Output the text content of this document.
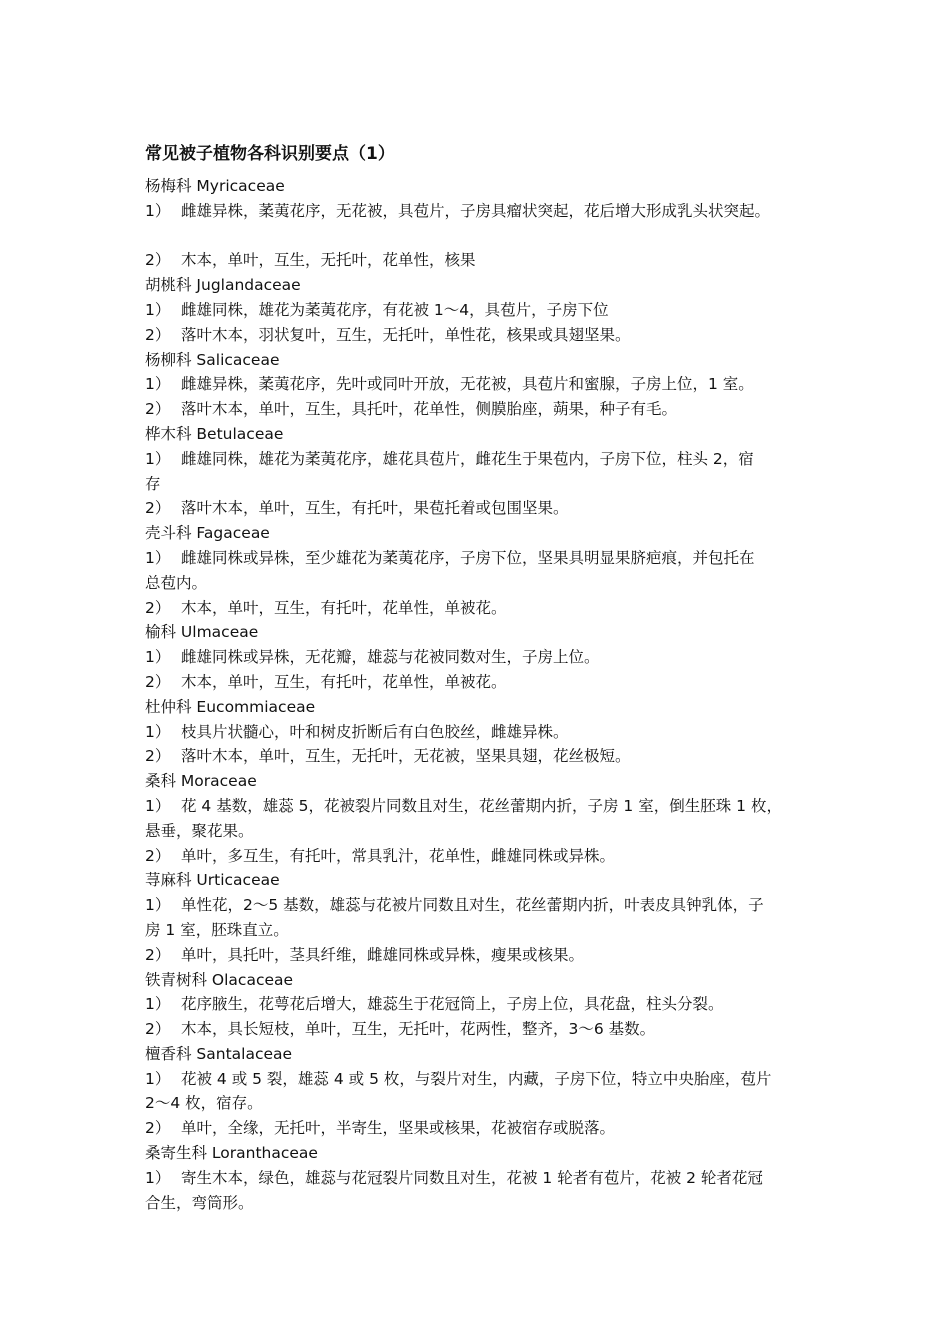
常见被子植物各科识别要点（1）
杨梅科 Myricaceae
1） 雌雄异株，葇荑花序，无花被，具苞片，子房具瘤状突起，花后增大形成乳头状突起。
2） 木本，单叶，互生，无托叶，花单性，核果
胡桃科 Juglandaceae
1） 雌雄同株，雄花为葇荑花序，有花被 1～4，具苞片，子房下位
2） 落叶木本，羽状复叶，互生，无托叶，单性花，核果或具翅坚果。
杨柳科 Salicaceae
1） 雌雄异株，葇荑花序，先叶或同叶开放，无花被，具苞片和蜜腺，子房上位，1 室。
2） 落叶木本，单叶，互生，具托叶，花单性，侧膜胎座，蒴果，种子有毛。
桦木科 Betulaceae
1） 雌雄同株，雄花为葇荑花序，雄花具苞片，雌花生于果苞内，子房下位，柱头 2，宿
存
2） 落叶木本，单叶，互生，有托叶，果苞托着或包围坚果。
壳斗科 Fagaceae
1） 雌雄同株或异株，至少雄花为葇荑花序，子房下位，坚果具明显果脐疤痕，并包托在
总苞内。
2） 木本，单叶，互生，有托叶，花单性，单被花。
榆科 Ulmaceae
1） 雌雄同株或异株，无花瓣，雄蕊与花被同数对生，子房上位。
2） 木本，单叶，互生，有托叶，花单性，单被花。
杜仲科 Eucommiaceae
1） 枝具片状髓心，叶和树皮折断后有白色胶丝，雌雄异株。
2） 落叶木本，单叶，互生，无托叶，无花被，坚果具翅，花丝极短。
桑科 Moraceae
1） 花 4 基数，雄蕊 5，花被裂片同数且对生，花丝蕾期内折，子房 1 室，倒生胚珠 1 枚，
悬垂，聚花果。
2） 单叶，多互生，有托叶，常具乳汁，花单性，雌雄同株或异株。
荨麻科 Urticaceae
1） 单性花，2～5 基数，雄蕊与花被片同数且对生，花丝蕾期内折，叶表皮具钟乳体，子
房 1 室，胚珠直立。
2） 单叶，具托叶，茎具纤维，雌雄同株或异株，瘦果或核果。
铁青树科 Olacaceae
1） 花序腋生，花萼花后增大，雄蕊生于花冠筒上，子房上位，具花盘，柱头分裂。
2） 木本，具长短枝，单叶，互生，无托叶，花两性，整齐，3～6 基数。
檀香科 Santalaceae
1） 花被 4 或 5 裂，雄蕊 4 或 5 枚，与裂片对生，内藏，子房下位，特立中央胎座，苞片
2～4 枚，宿存。
2） 单叶，全缘，无托叶，半寄生，坚果或核果，花被宿存或脱落。
桑寄生科 Loranthaceae
1） 寄生木本，绿色，雄蕊与花冠裂片同数且对生，花被 1 轮者有苞片，花被 2 轮者花冠
合生，弯筒形。
